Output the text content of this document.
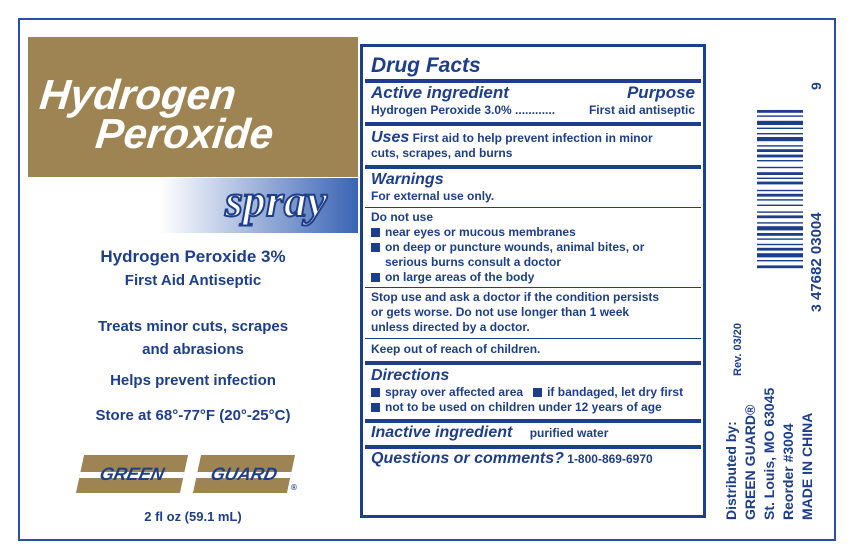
Hydrogen
Peroxide
spray
Hydrogen Peroxide 3%
First Aid Antiseptic
Treats minor cuts, scrapes
and abrasions
Helps prevent infection
Store at 68°-77°F (20°-25°C)
GREEN	GUARD
®
2 fl oz (59.1 mL)
Drug Facts
Active ingredient	Purpose
Hydrogen Peroxide 3.0% ............	First aid antiseptic
Uses First aid to help prevent infection in minor
cuts, scrapes, and burns
Warnings
For external use only.
Do not use
near eyes or mucous membranes
on deep or puncture wounds, animal bites, or
serious burns consult a doctor
on large areas of the body
Stop use and ask a doctor if the condition persists
or gets worse. Do not use longer than 1 week
unless directed by a doctor.
Keep out of reach of children.
Directions
spray over affected area	if bandaged, let dry first
not to be used on children under 12 years of age
Inactive ingredient purified water
Questions or comments? 1-800-869-6970
Rev. 03/20
Distributed by: GREEN GUARD® St. Louis, MO 63045 Reorder #3004 MADE IN CHINA
47682 03004
9
3
